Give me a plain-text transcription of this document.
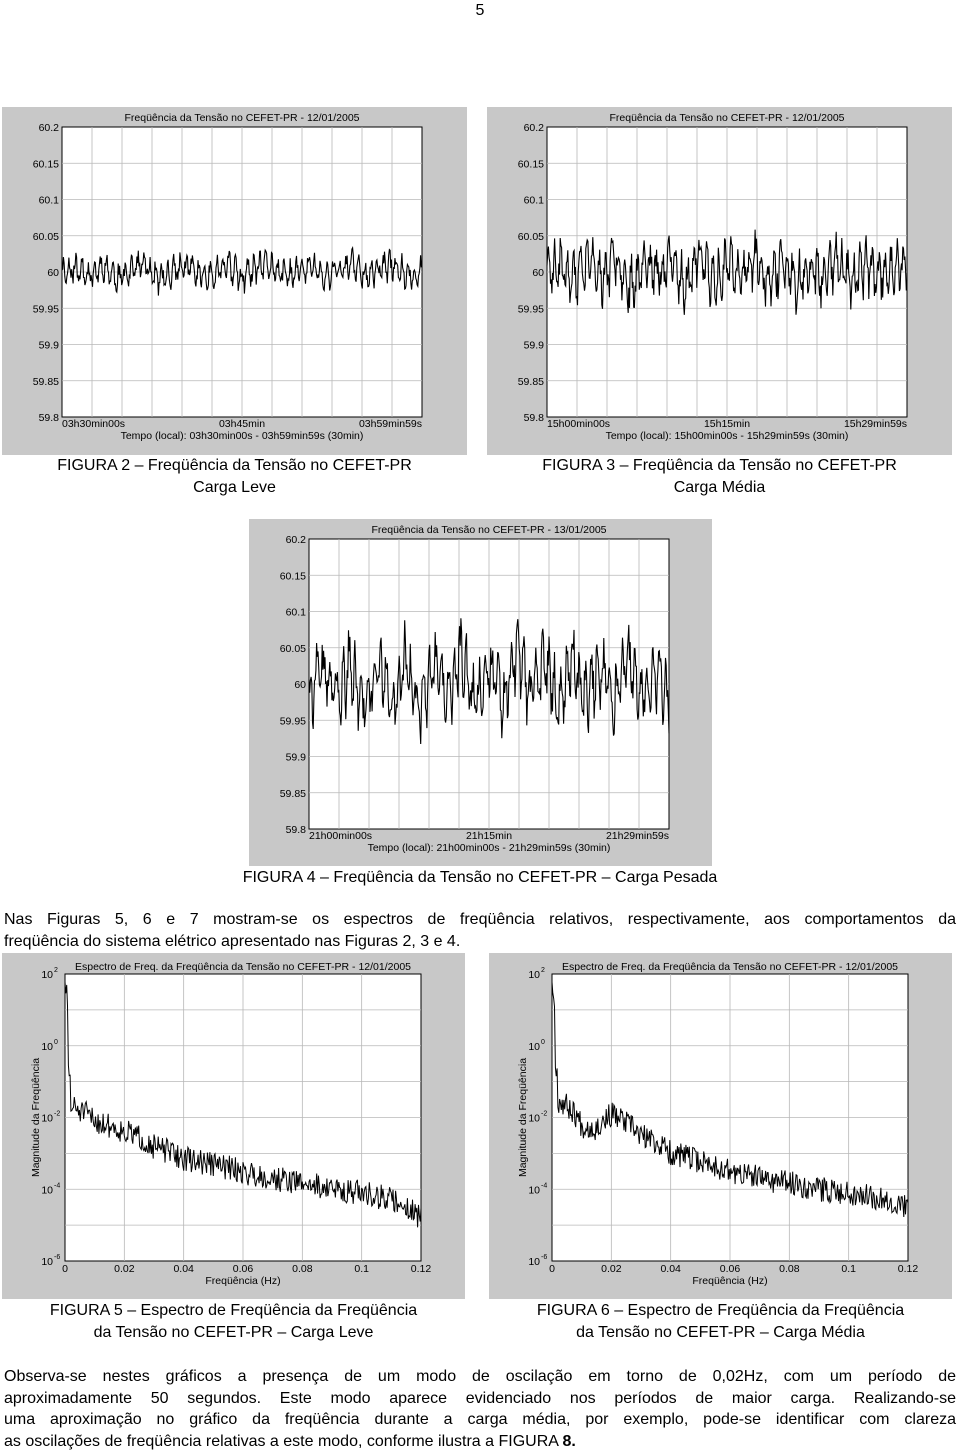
5
60.2
60.15
60.1
60.05
60
59.95
59.9
59.85
59.8
Freqüência da Tensão no CEFET-PR - 12/01/2005
03h30min00s	03h45min	03h59min59s
Tempo (local): 03h30min00s - 03h59min59s (30min)
FIGURA 2 – Freqüência da Tensão no CEFET-PR
Carga Leve
60.2
60.15
60.1
60.05
60
59.95
59.9
59.85
59.8
Freqüência da Tensão no CEFET-PR - 12/01/2005
15h00min00s	15h15min	15h29min59s
Tempo (local): 15h00min00s - 15h29min59s (30min)
FIGURA 3 – Freqüência da Tensão no CEFET-PR
Carga Média
60.2
60.15
60.1
60.05
60
59.95
59.9
59.85
59.8
Freqüência da Tensão no CEFET-PR - 13/01/2005
21h00min00s	21h15min	21h29min59s
Tempo (local): 21h00min00s - 21h29min59s (30min)
FIGURA 4 – Freqüência da Tensão no CEFET-PR – Carga Pesada
Nas Figuras 5, 6 e 7 mostram-se os espectros de freqüência relativos, respectivamente, aos comportamentos da
freqüência do sistema elétrico apresentado nas Figuras 2, 3 e 4.
10 2
10 0
10 -2
10 -4
10 -6
0	0.02	0.04	0.06	0.08	0.1	0.12
Espectro de Freq. da Freqüência da Tensão no CEFET-PR - 12/01/2005
Freqüência (Hz)
Magnitude da Freqüência
FIGURA 5 – Espectro de Freqüência da Freqüência
da Tensão no CEFET-PR – Carga Leve
10 2
10 0
10 -2
10 -4
10 -6
0	0.02	0.04	0.06	0.08	0.1	0.12
Espectro de Freq. da Freqüência da Tensão no CEFET-PR - 12/01/2005
Freqüência (Hz)
Magnitude da Freqüência
FIGURA 6 – Espectro de Freqüência da Freqüência
da Tensão no CEFET-PR – Carga Média
Observa-se nestes gráficos a presença de um modo de oscilação em torno de 0,02Hz, com um período de
aproximadamente 50 segundos. Este modo aparece evidenciado nos períodos de maior carga. Realizando-se
uma aproximação no gráfico da freqüência durante a carga média, por exemplo, pode-se identificar com clareza
as oscilações de freqüência relativas a este modo, conforme ilustra a FIGURA 8.
